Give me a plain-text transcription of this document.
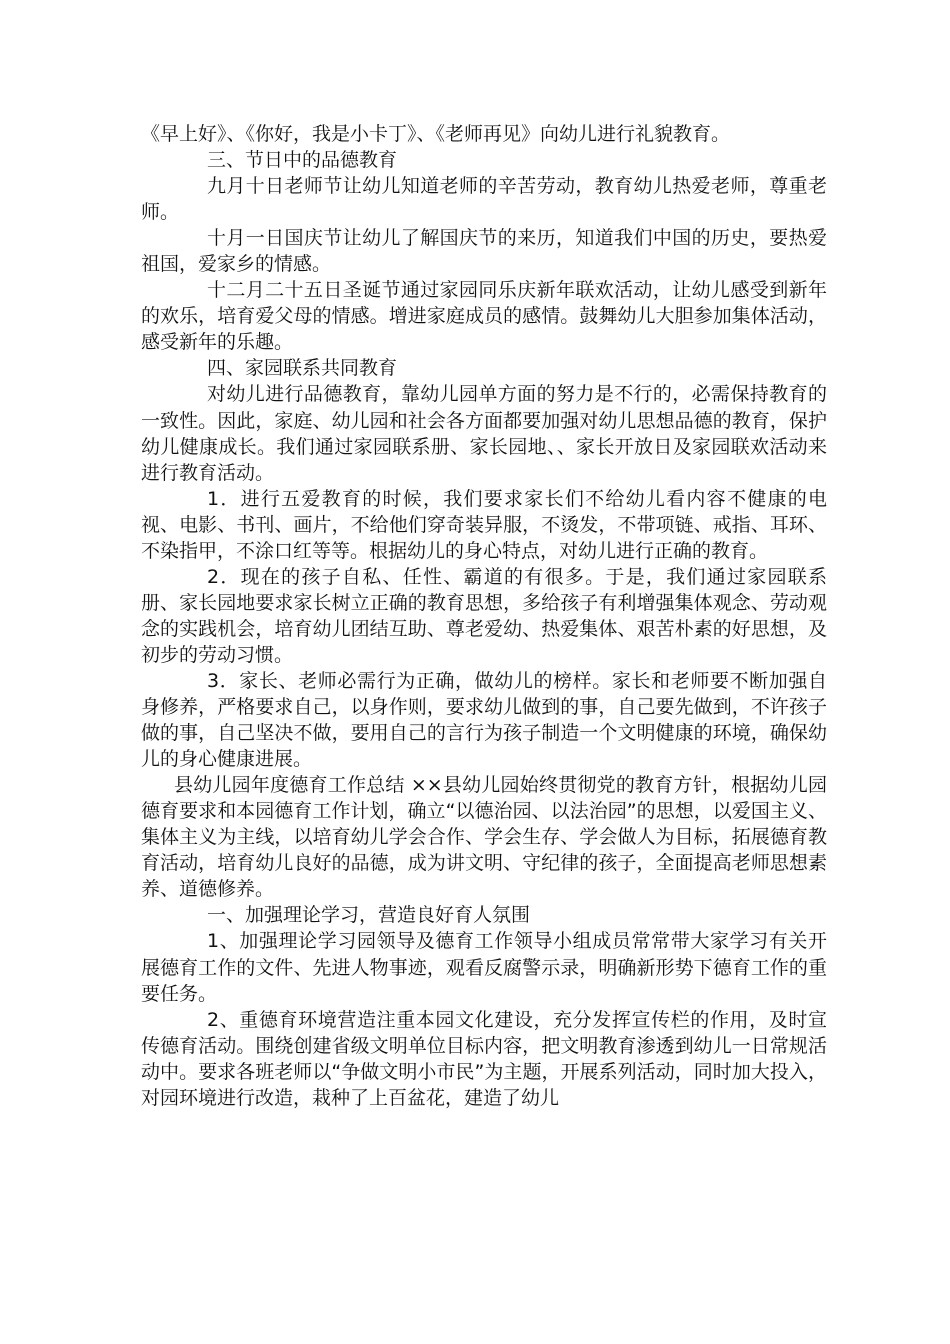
《早上好》、《你好，我是小卡丁》、《老师再见》向幼儿进行礼貌教育。

三、节日中的品德教育

九月十日老师节让幼儿知道老师的辛苦劳动，教育幼儿热爱老师，尊重老师。

十月一日国庆节让幼儿了解国庆节的来历，知道我们中国的历史，要热爱祖国，爱家乡的情感。

十二月二十五日圣诞节通过家园同乐庆新年联欢活动，让幼儿感受到新年的欢乐，培育爱父母的情感。增进家庭成员的感情。鼓舞幼儿大胆参加集体活动，感受新年的乐趣。

四、家园联系共同教育

对幼儿进行品德教育，靠幼儿园单方面的努力是不行的，必需保持教育的一致性。因此，家庭、幼儿园和社会各方面都要加强对幼儿思想品德的教育，保护幼儿健康成长。我们通过家园联系册、家长园地、、家长开放日及家园联欢活动来进行教育活动。

1．进行五爱教育的时候，我们要求家长们不给幼儿看内容不健康的电视、电影、书刊、画片，不给他们穿奇装异服，不烫发，不带项链、戒指、耳环、不染指甲，不涂口红等等。根据幼儿的身心特点，对幼儿进行正确的教育。

2．现在的孩子自私、任性、霸道的有很多。于是，我们通过家园联系册、家长园地要求家长树立正确的教育思想，多给孩子有利增强集体观念、劳动观念的实践机会，培育幼儿团结互助、尊老爱幼、热爱集体、艰苦朴素的好思想，及初步的劳动习惯。

3．家长、老师必需行为正确，做幼儿的榜样。家长和老师要不断加强自身修养，严格要求自己，以身作则，要求幼儿做到的事，自己要先做到，不许孩子做的事，自己坚决不做，要用自己的言行为孩子制造一个文明健康的环境，确保幼儿的身心健康进展。

县幼儿园年度德育工作总结 ××县幼儿园始终贯彻党的教育方针，根据幼儿园德育要求和本园德育工作计划，确立“以德治园、以法治园”的思想，以爱国主义、集体主义为主线，以培育幼儿学会合作、学会生存、学会做人为目标，拓展德育教育活动，培育幼儿良好的品德，成为讲文明、守纪律的孩子，全面提高老师思想素养、道德修养。

一、加强理论学习，营造良好育人氛围

1、加强理论学习园领导及德育工作领导小组成员常常带大家学习有关开展德育工作的文件、先进人物事迹，观看反腐警示录，明确新形势下德育工作的重要任务。

2、重德育环境营造注重本园文化建设，充分发挥宣传栏的作用，及时宣传德育活动。围绕创建省级文明单位目标内容，把文明教育渗透到幼儿一日常规活动中。要求各班老师以“争做文明小市民”为主题，开展系列活动，同时加大投入，对园环境进行改造，栽种了上百盆花，建造了幼儿
